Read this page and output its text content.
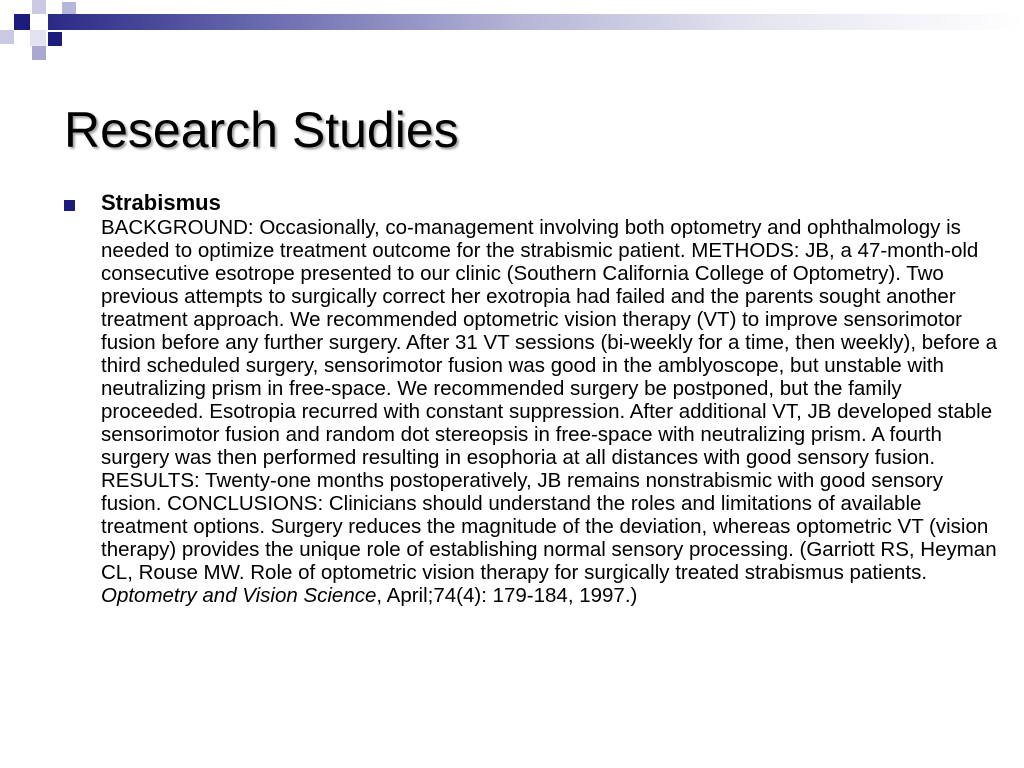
Research Studies
Strabismus

BACKGROUND: Occasionally, co-management involving both optometry and ophthalmology is needed to optimize treatment outcome for the strabismic patient. METHODS: JB, a 47-month-old consecutive esotrope presented to our clinic (Southern California College of Optometry). Two previous attempts to surgically correct her exotropia had failed and the parents sought another treatment approach. We recommended optometric vision therapy (VT) to improve sensorimotor fusion before any further surgery. After 31 VT sessions (bi-weekly for a time, then weekly), before a third scheduled surgery, sensorimotor fusion was good in the amblyoscope, but unstable with neutralizing prism in free-space. We recommended surgery be postponed, but the family proceeded. Esotropia recurred with constant suppression. After additional VT, JB developed stable sensorimotor fusion and random dot stereopsis in free-space with neutralizing prism. A fourth surgery was then performed resulting in esophoria at all distances with good sensory fusion. RESULTS: Twenty-one months postoperatively, JB remains nonstrabismic with good sensory fusion. CONCLUSIONS: Clinicians should understand the roles and limitations of available treatment options. Surgery reduces the magnitude of the deviation, whereas optometric VT (vision therapy) provides the unique role of establishing normal sensory processing. (Garriott RS, Heyman CL, Rouse MW. Role of optometric vision therapy for surgically treated strabismus patients. Optometry and Vision Science, April;74(4): 179-184, 1997.)
